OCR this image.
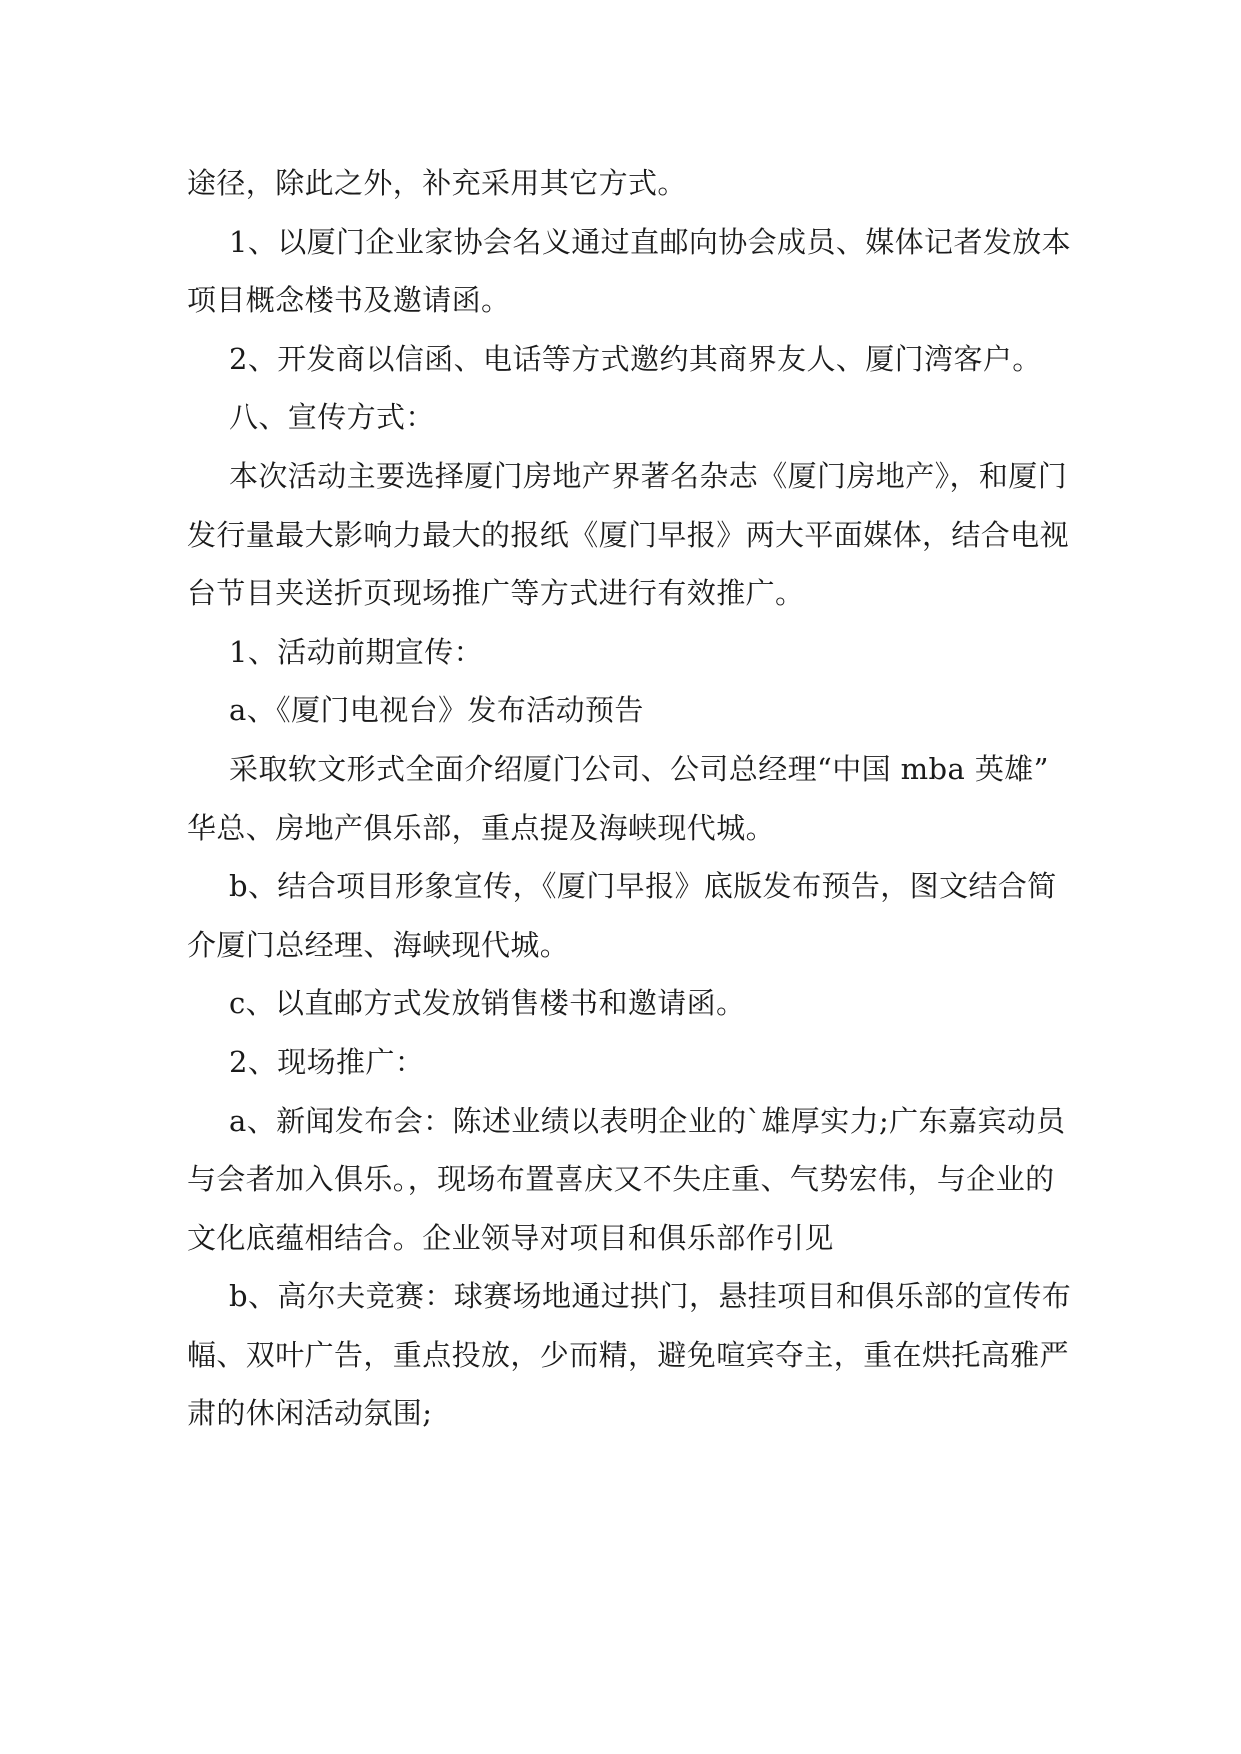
途径，除此之外，补充采用其它方式。
1、以厦门企业家协会名义通过直邮向协会成员、媒体记者发放本
项目概念楼书及邀请函。
2、开发商以信函、电话等方式邀约其商界友人、厦门湾客户。
八、宣传方式：
本次活动主要选择厦门房地产界著名杂志《厦门房地产》，和厦门
发行量最大影响力最大的报纸《厦门早报》两大平面媒体，结合电视
台节目夹送折页现场推广等方式进行有效推广。
1、活动前期宣传：
a、《厦门电视台》发布活动预告
采取软文形式全面介绍厦门公司、公司总经理“中国 mba 英雄”
华总、房地产俱乐部，重点提及海峡现代城。
b、结合项目形象宣传，《厦门早报》底版发布预告，图文结合简
介厦门总经理、海峡现代城。
c、以直邮方式发放销售楼书和邀请函。
2、现场推广：
a、新闻发布会：陈述业绩以表明企业的`雄厚实力;广东嘉宾动员
与会者加入俱乐。，现场布置喜庆又不失庄重、气势宏伟，与企业的
文化底蕴相结合。企业领导对项目和俱乐部作引见
b、高尔夫竞赛：球赛场地通过拱门，悬挂项目和俱乐部的宣传布
幅、双叶广告，重点投放，少而精，避免喧宾夺主，重在烘托高雅严
肃的休闲活动氛围;
